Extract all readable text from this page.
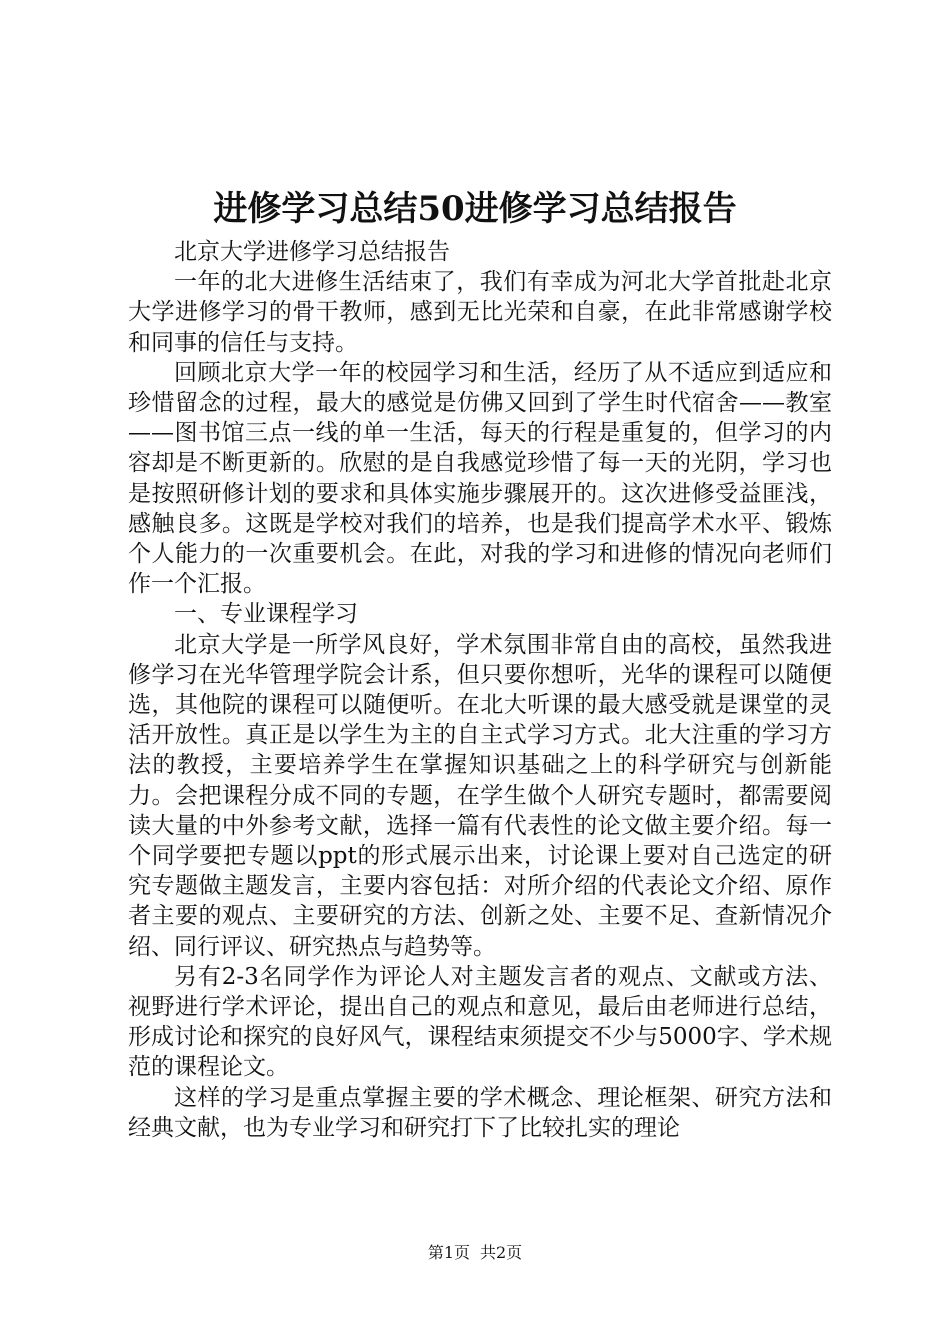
进修学习总结50进修学习总结报告

北京大学进修学习总结报告

一年的北大进修生活结束了，我们有幸成为河北大学首批赴北京大学进修学习的骨干教师，感到无比光荣和自豪，在此非常感谢学校和同事的信任与支持。

回顾北京大学一年的校园学习和生活，经历了从不适应到适应和珍惜留念的过程，最大的感觉是仿佛又回到了学生时代宿舍——教室——图书馆三点一线的单一生活，每天的行程是重复的，但学习的内容却是不断更新的。欣慰的是自我感觉珍惜了每一天的光阴，学习也是按照研修计划的要求和具体实施步骤展开的。这次进修受益匪浅，感触良多。这既是学校对我们的培养，也是我们提高学术水平、锻炼个人能力的一次重要机会。在此，对我的学习和进修的情况向老师们作一个汇报。

一、专业课程学习

北京大学是一所学风良好，学术氛围非常自由的高校，虽然我进修学习在光华管理学院会计系，但只要你想听，光华的课程可以随便选，其他院的课程可以随便听。在北大听课的最大感受就是课堂的灵活开放性。真正是以学生为主的自主式学习方式。北大注重的学习方法的教授，主要培养学生在掌握知识基础之上的科学研究与创新能力。会把课程分成不同的专题，在学生做个人研究专题时，都需要阅读大量的中外参考文献，选择一篇有代表性的论文做主要介绍。每一个同学要把专题以ppt的形式展示出来，讨论课上要对自己选定的研究专题做主题发言，主要内容包括：对所介绍的代表论文介绍、原作者主要的观点、主要研究的方法、创新之处、主要不足、查新情况介绍、同行评议、研究热点与趋势等。

另有2-3名同学作为评论人对主题发言者的观点、文献或方法、视野进行学术评论，提出自己的观点和意见，最后由老师进行总结，形成讨论和探究的良好风气，课程结束须提交不少与5000字、学术规范的课程论文。

这样的学习是重点掌握主要的学术概念、理论框架、研究方法和经典文献，也为专业学习和研究打下了比较扎实的理论

第1页 共2页
